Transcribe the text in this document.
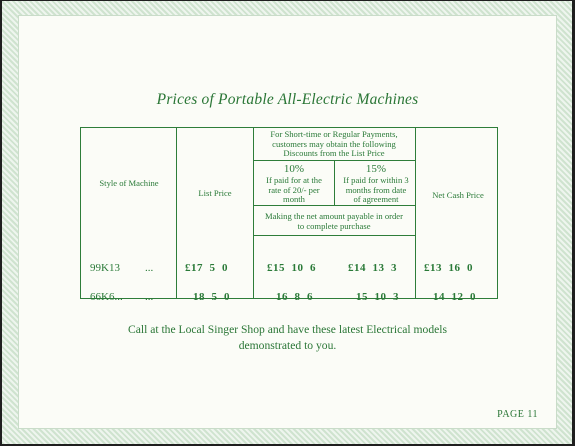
Prices of Portable All-Electric Machines
Style of Machine
List Price
For Short-time or Regular Payments, customers may obtain the following Discounts from the List Price
10%
If paid for at the rate of 20/- per month
15%
If paid for within 3 months from date of agreement
Making the net amount payable in order to complete purchase
Net Cash Price
99K13 ...	£17  5  0	£15  10  6	£14  13  3 £13  16  0
66K6... ...	18  5  0	16  8  6	15  10  3	14  12  0
Call at the Local Singer Shop and have these latest Electrical models demonstrated to you.
PAGE 11
